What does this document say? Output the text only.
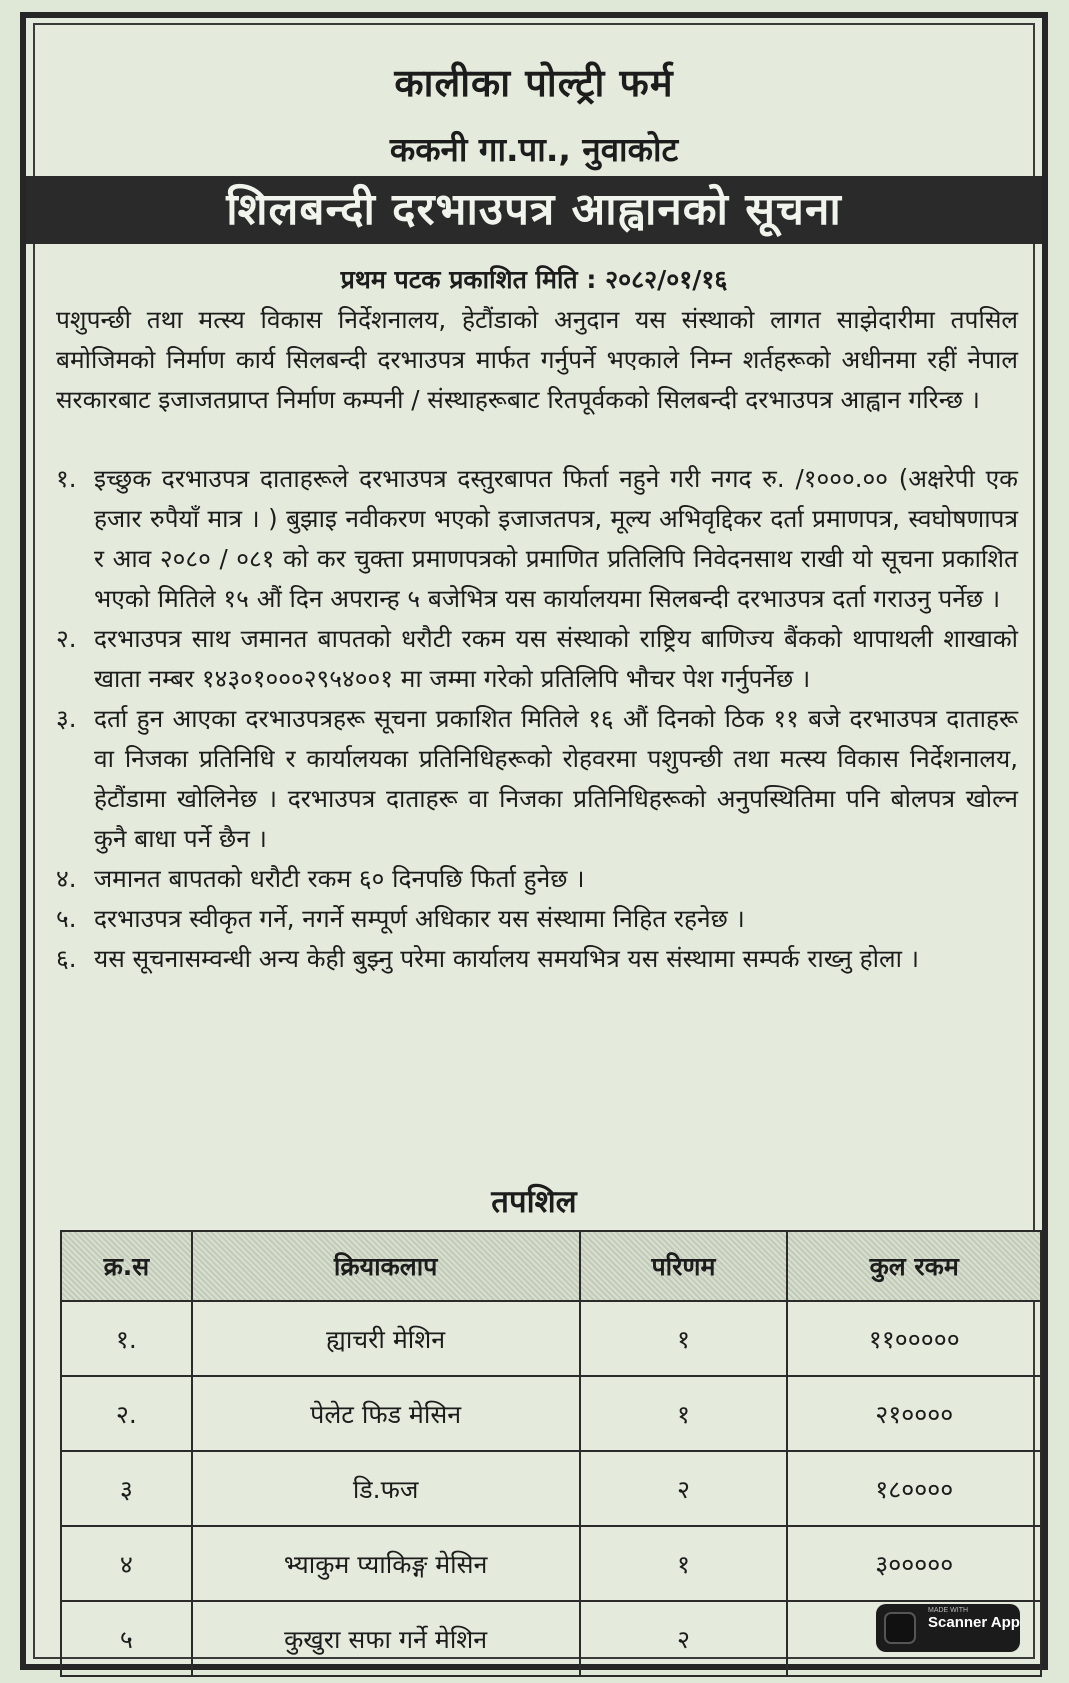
कालीका पोल्ट्री फर्म
ककनी गा.पा., नुवाकोट
शिलबन्दी दरभाउपत्र आह्वानको सूचना
प्रथम पटक प्रकाशित मिति : २०८२/०१/१६
पशुपन्छी तथा मत्स्य विकास निर्देशनालय, हेटौंडाको अनुदान यस संस्थाको लागत साझेदारीमा तपसिल बमोजिमको निर्माण कार्य सिलबन्दी दरभाउपत्र मार्फत गर्नुपर्ने भएकाले निम्न शर्तहरूको अधीनमा रहीं नेपाल सरकारबाट इजाजतप्राप्त निर्माण कम्पनी / संस्थाहरूबाट रितपूर्वकको सिलबन्दी दरभाउपत्र आह्वान गरिन्छ ।
१. इच्छुक दरभाउपत्र दाताहरूले दरभाउपत्र दस्तुरबापत फिर्ता नहुने गरी नगद रु. /१०००.०० (अक्षरेपी एक हजार रुपैयाँ मात्र । ) बुझाइ नवीकरण भएको इजाजतपत्र, मूल्य अभिवृद्दिकर दर्ता प्रमाणपत्र, स्वघोषणापत्र र आव २०८० / ०८१ को कर चुक्ता प्रमाणपत्रको प्रमाणित प्रतिलिपि निवेदनसाथ राखी यो सूचना प्रकाशित भएको मितिले १५ औं दिन अपरान्ह ५ बजेभित्र यस कार्यालयमा सिलबन्दी दरभाउपत्र दर्ता गराउनु पर्नेछ ।
२. दरभाउपत्र साथ जमानत बापतको धरौटी रकम यस संस्थाको राष्ट्रिय बाणिज्य बैंकको थापाथली शाखाको खाता नम्बर १४३०१०००२९५४००१ मा जम्मा गरेको प्रतिलिपि भौचर पेश गर्नुपर्नेछ ।
३. दर्ता हुन आएका दरभाउपत्रहरू सूचना प्रकाशित मितिले १६ औं दिनको ठिक ११ बजे दरभाउपत्र दाताहरू वा निजका प्रतिनिधि र कार्यालयका प्रतिनिधिहरूको रोहवरमा पशुपन्छी तथा मत्स्य विकास निर्देशनालय, हेटौंडामा खोलिनेछ । दरभाउपत्र दाताहरू वा निजका प्रतिनिधिहरूको अनुपस्थितिमा पनि बोलपत्र खोल्न कुनै बाधा पर्ने छैन ।
४. जमानत बापतको धरौटी रकम ६० दिनपछि फिर्ता हुनेछ ।
५. दरभाउपत्र स्वीकृत गर्ने, नगर्ने सम्पूर्ण अधिकार यस संस्थामा निहित रहनेछ ।
६. यस सूचनासम्वन्धी अन्य केही बुझ्नु परेमा कार्यालय समयभित्र यस संस्थामा सम्पर्क राख्नु होला ।
तपशिल
क्र.स	क्रियाकलाप	परिणम	कुल रकम
१.	ह्याचरी मेशिन	१	११०००००
२.	पेलेट फिड मेसिन	१	२१००००
३	डि.फज	२	१८००००
४	भ्याकुम प्याकिङ्ग मेसिन	१	३०००००
५	कुखुरा सफा गर्ने मेशिन	२	
MADE WITH
Scanner App
